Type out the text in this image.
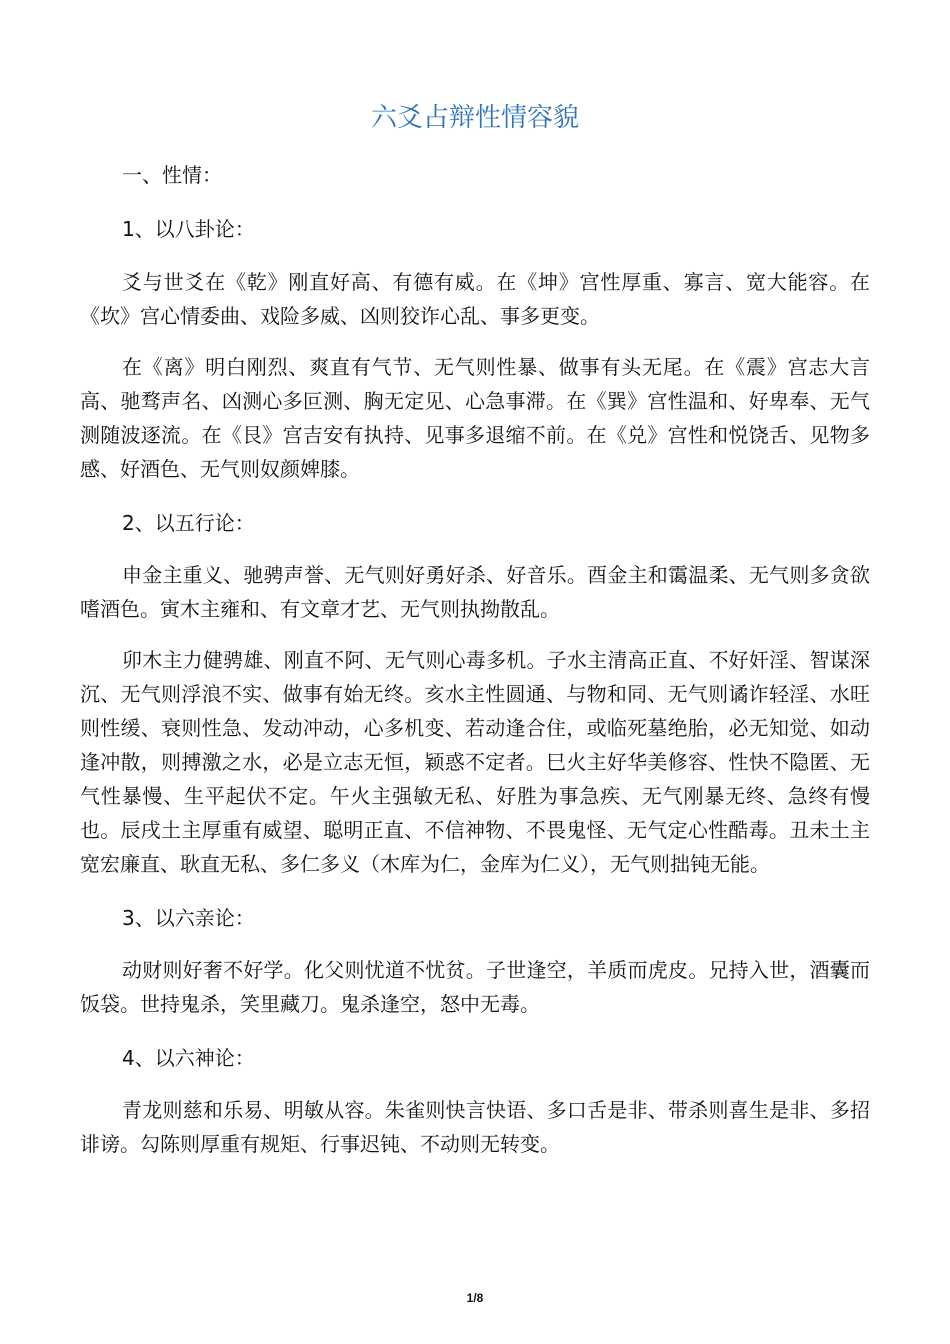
六爻占辩性情容貌

一、性情：

1、以八卦论：

爻与世爻在《乾》刚直好高、有德有威。在《坤》宫性厚重、寡言、宽大能容。在《坎》宫心情委曲、戏险多威、凶则狡诈心乱、事多更变。

在《离》明白刚烈、爽直有气节、无气则性暴、做事有头无尾。在《震》宫志大言高、驰骛声名、凶测心多叵测、胸无定见、心急事滞。在《巽》宫性温和、好卑奉、无气测随波逐流。在《艮》宫吉安有执持、见事多退缩不前。在《兑》宫性和悦饶舌、见物多感、好酒色、无气则奴颜婢膝。

2、以五行论：

申金主重义、驰骋声誉、无气则好勇好杀、好音乐。酉金主和霭温柔、无气则多贪欲嗜酒色。寅木主雍和、有文章才艺、无气则执拗散乱。

卯木主力健骋雄、刚直不阿、无气则心毒多机。子水主清高正直、不好奸淫、智谋深沉、无气则浮浪不实、做事有始无终。亥水主性圆通、与物和同、无气则谲诈轻淫、水旺则性缓、衰则性急、发动冲动，心多机变、若动逢合住，或临死墓绝胎，必无知觉、如动逢冲散，则搏激之水，必是立志无恒，颖惑不定者。巳火主好华美修容、性快不隐匿、无气性暴慢、生平起伏不定。午火主强敏无私、好胜为事急疾、无气刚暴无终、急终有慢也。辰戌土主厚重有威望、聪明正直、不信神物、不畏鬼怪、无气定心性酷毒。丑未土主宽宏廉直、耿直无私、多仁多义（木库为仁，金库为仁义），无气则拙钝无能。

3、以六亲论：

动财则好奢不好学。化父则忧道不忧贫。子世逢空，羊质而虎皮。兄持入世，酒囊而饭袋。世持鬼杀，笑里藏刀。鬼杀逢空，怒中无毒。

4、以六神论：

青龙则慈和乐易、明敏从容。朱雀则快言快语、多口舌是非、带杀则喜生是非、多招诽谤。勾陈则厚重有规矩、行事迟钝、不动则无转变。

1/8
